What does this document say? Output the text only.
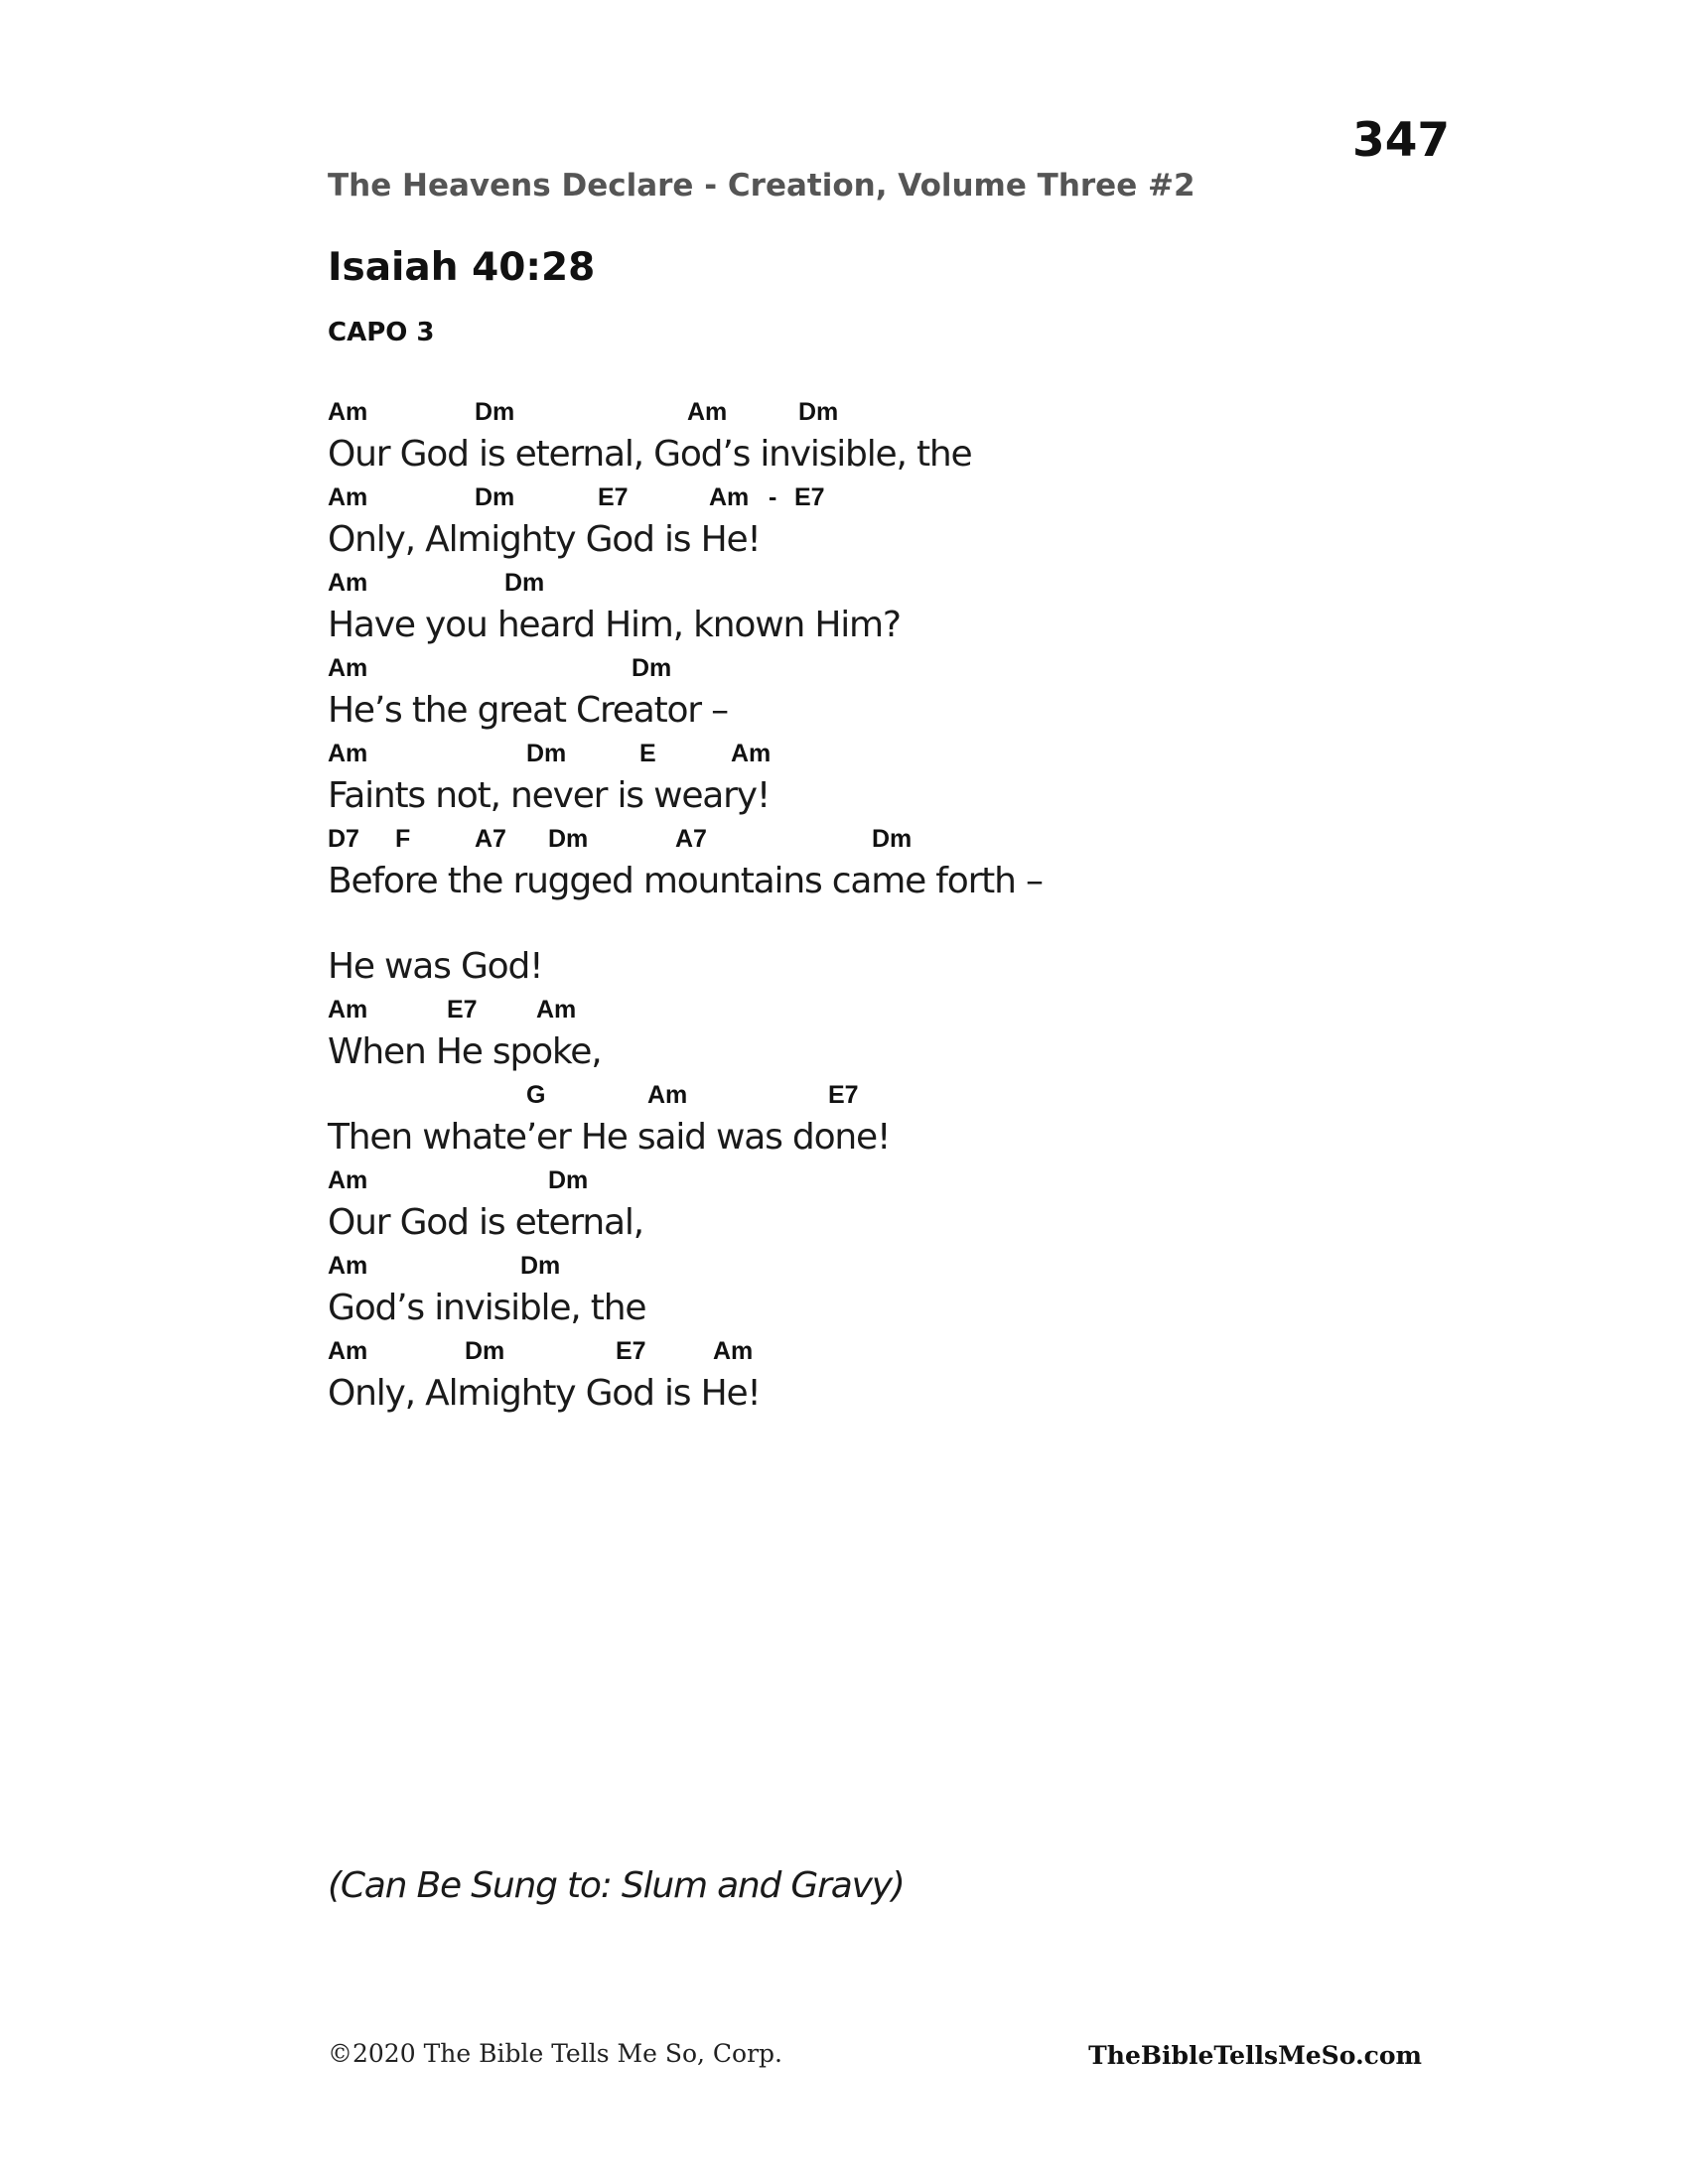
347
The Heavens Declare - Creation, Volume Three #2
Isaiah 40:28
CAPO 3
Am	Dm	Am	Dm
Our God is eternal, God’s invisible, the
Am	Dm	E7	Am - E7
Only, Almighty God is He!
Am	Dm
Have you heard Him, known Him?
Am	Dm
He’s the great Creator –
Am	Dm	E	Am
Faints not, never is weary!
D7 F	A7 Dm	A7	Dm
Before the rugged mountains came forth –
He was God!
Am	E7 Am
When He spoke,
G	Am	E7
Then whate’er He said was done!
Am	Dm
Our God is eternal,
Am	Dm
God’s invisible, the
Am	Dm	E7	Am
Only, Almighty God is He!
(Can Be Sung to: Slum and Gravy)
©2020 The Bible Tells Me So, Corp.	TheBibleTellsMeSo.com
